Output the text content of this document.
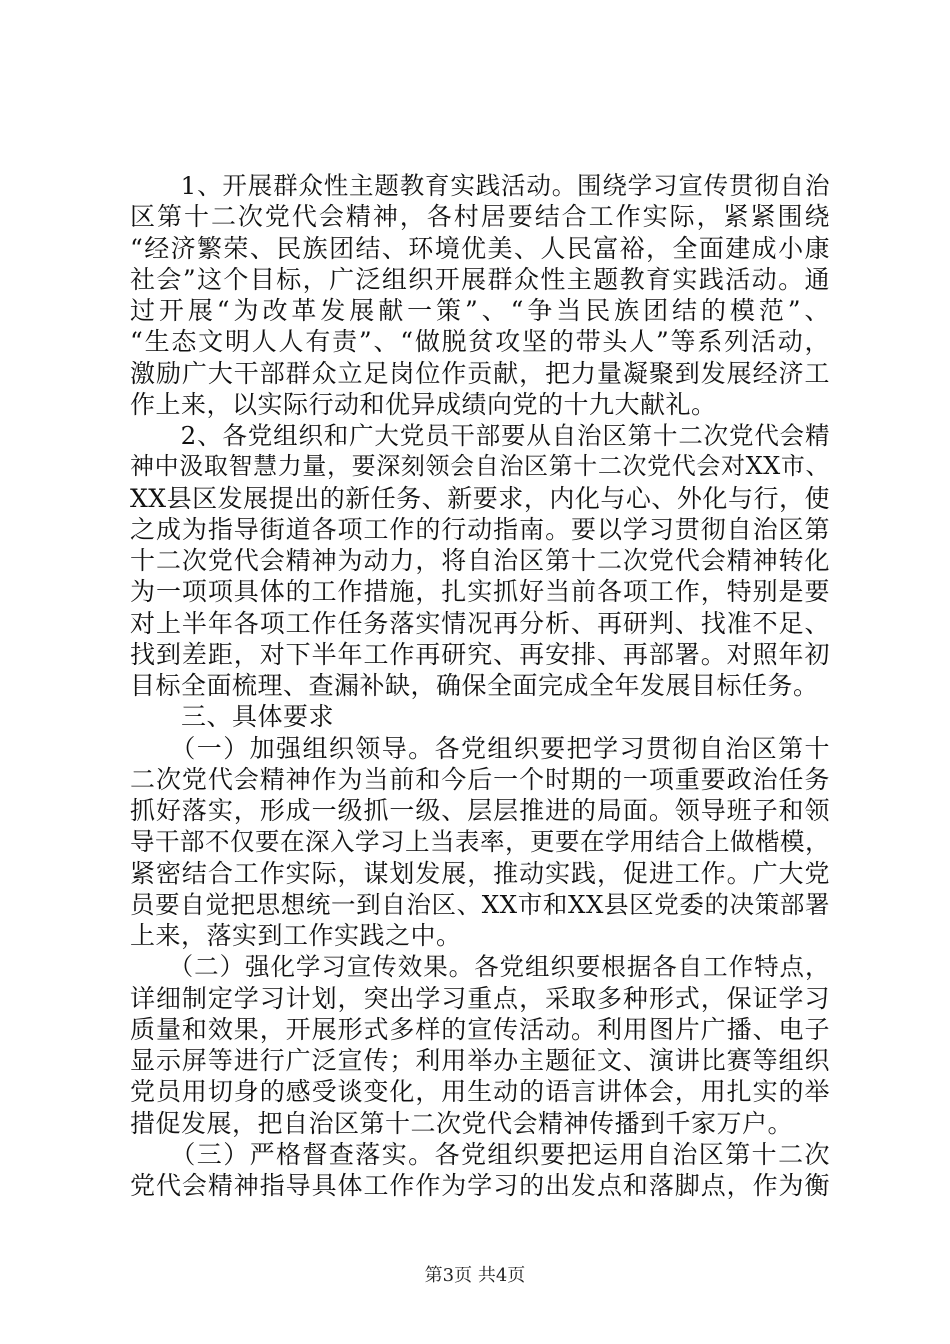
　　1、开展群众性主题教育实践活动。围绕学习宣传贯彻自治
区第十二次党代会精神，各村居要结合工作实际，紧紧围绕
“经济繁荣、民族团结、环境优美、人民富裕，全面建成小康
社会”这个目标，广泛组织开展群众性主题教育实践活动。通
过开展“为改革发展献一策”、“争当民族团结的模范”、
“生态文明人人有责”、“做脱贫攻坚的带头人”等系列活动，
激励广大干部群众立足岗位作贡献，把力量凝聚到发展经济工
作上来，以实际行动和优异成绩向党的十九大献礼。
　　2、各党组织和广大党员干部要从自治区第十二次党代会精
神中汲取智慧力量，要深刻领会自治区第十二次党代会对XX市、
XX县区发展提出的新任务、新要求，内化与心、外化与行，使
之成为指导街道各项工作的行动指南。要以学习贯彻自治区第
十二次党代会精神为动力，将自治区第十二次党代会精神转化
为一项项具体的工作措施，扎实抓好当前各项工作，特别是要
对上半年各项工作任务落实情况再分析、再研判、找准不足、
找到差距，对下半年工作再研究、再安排、再部署。对照年初
目标全面梳理、查漏补缺，确保全面完成全年发展目标任务。
　　三、具体要求
　　（一）加强组织领导。各党组织要把学习贯彻自治区第十
二次党代会精神作为当前和今后一个时期的一项重要政治任务
抓好落实，形成一级抓一级、层层推进的局面。领导班子和领
导干部不仅要在深入学习上当表率，更要在学用结合上做楷模，
紧密结合工作实际，谋划发展，推动实践，促进工作。广大党
员要自觉把思想统一到自治区、XX市和XX县区党委的决策部署
上来，落实到工作实践之中。
　　（二）强化学习宣传效果。各党组织要根据各自工作特点，
详细制定学习计划，突出学习重点，采取多种形式，保证学习
质量和效果，开展形式多样的宣传活动。利用图片广播、电子
显示屏等进行广泛宣传；利用举办主题征文、演讲比赛等组织
党员用切身的感受谈变化，用生动的语言讲体会，用扎实的举
措促发展，把自治区第十二次党代会精神传播到千家万户。
　　（三）严格督查落实。各党组织要把运用自治区第十二次
党代会精神指导具体工作作为学习的出发点和落脚点，作为衡
第3页 共4页
